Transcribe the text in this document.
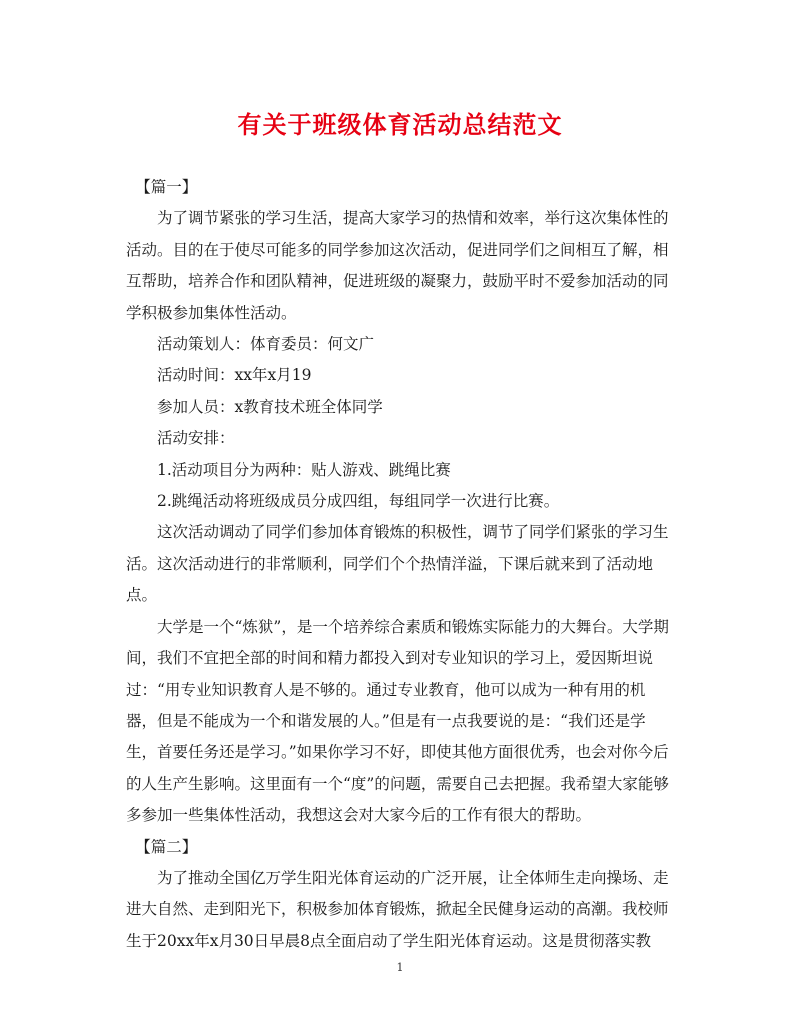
有关于班级体育活动总结范文

【篇一】

为了调节紧张的学习生活，提高大家学习的热情和效率，举行这次集体性的活动。目的在于使尽可能多的同学参加这次活动，促进同学们之间相互了解，相互帮助，培养合作和团队精神，促进班级的凝聚力，鼓励平时不爱参加活动的同学积极参加集体性活动。

活动策划人：体育委员：何文广

活动时间：xx年x月19

参加人员：x教育技术班全体同学

活动安排：

1.活动项目分为两种：贴人游戏、跳绳比赛

2.跳绳活动将班级成员分成四组，每组同学一次进行比赛。

这次活动调动了同学们参加体育锻炼的积极性，调节了同学们紧张的学习生活。这次活动进行的非常顺利，同学们个个热情洋溢，下课后就来到了活动地点。

大学是一个“炼狱”，是一个培养综合素质和锻炼实际能力的大舞台。大学期间，我们不宜把全部的时间和精力都投入到对专业知识的学习上，爱因斯坦说过：“用专业知识教育人是不够的。通过专业教育，他可以成为一种有用的机器，但是不能成为一个和谐发展的人。”但是有一点我要说的是：“我们还是学生，首要任务还是学习。”如果你学习不好，即使其他方面很优秀，也会对你今后的人生产生影响。这里面有一个“度”的问题，需要自己去把握。我希望大家能够多参加一些集体性活动，我想这会对大家今后的工作有很大的帮助。

【篇二】

为了推动全国亿万学生阳光体育运动的广泛开展，让全体师生走向操场、走进大自然、走到阳光下，积极参加体育锻炼，掀起全民健身运动的高潮。我校师生于20xx年x月30日早晨8点全面启动了学生阳光体育运动。这是贯彻落实教

1
